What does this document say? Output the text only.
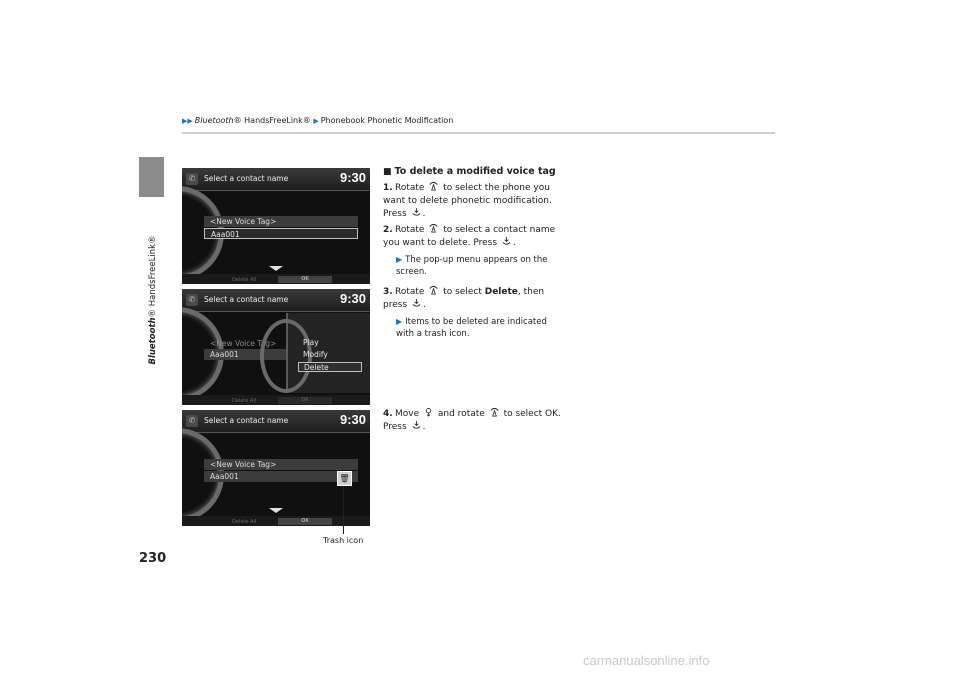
Bluetooth® HandsFreeLink®
▶▶ Bluetooth® HandsFreeLink® ▶ Phonebook Phonetic Modification
230
✆	Select a contact name	9:30
<New Voice Tag>
Aaa001
Delete All	OK
✆	Select a contact name	9:30
<New Voice Tag>
Aaa001
Play
Modify
Delete
Delete All	OK
✆	Select a contact name	9:30
<New Voice Tag>
Aaa001	🗑
Delete All	OK
Trash icon
■ To delete a modified voice tag
1. Rotate to select the phone you want to delete phonetic modification. Press .
2. Rotate to select a contact name you want to delete. Press .
▶ The pop-up menu appears on the screen.
3. Rotate to select Delete, then press .
▶ Items to be deleted are indicated with a trash icon.
4. Move and rotate to select OK. Press .
carmanualsonline.info
